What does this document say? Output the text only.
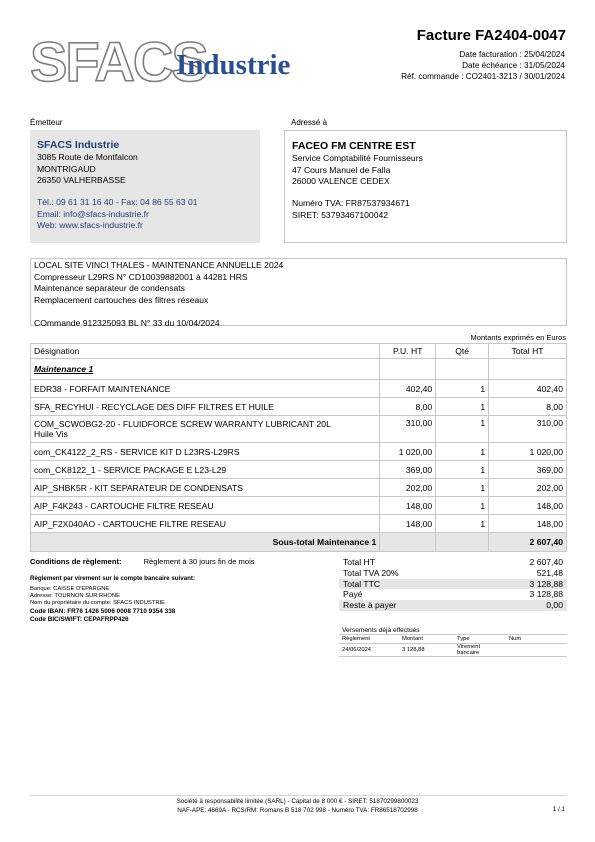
SFACS
Industrie
Facture FA2404-0047
Date facturation : 25/04/2024
Date échéance : 31/05/2024
Réf. commande : CO2401-3213 / 30/01/2024
Émetteur
SFACS Industrie
3085 Route de Montfalcon
MONTRIGAUD
26350 VALHERBASSE
Tél.: 09 61 31 16 40 - Fax: 04 86 55 63 01
Email: info@sfacs-industrie.fr
Web: www.sfacs-industrie.fr
Adressé à
FACEO FM CENTRE EST
Service Comptabilité Fournisseurs
47 Cours Manuel de Falla
26000 VALENCE CEDEX
Numéro TVA: FR87537934671
SIRET: 53793467100042
LOCAL SITE VINCI THALES - MAINTENANCE ANNUELLE 2024
Compresseur L29RS N° CD10039882001 à 44281 HRS
Maintenance separateur de condensats
Remplacement cartouches des filtres réseaux
COmmande 912325093 BL N° 33 du 10/04/2024
Montants exprimés en Euros
Désignation	P.U. HT	Qté	Total HT
Maintenance 1			
EDR38 - FORFAIT MAINTENANCE	402,40	1	402,40
SFA_RECYHUI - RECYCLAGE DES DIFF FILTRES ET HUILE	8,00	1	8,00

COM_SCWOBG2-20 - FLUIDFORCE SCREW WARRANTY LUBRICANT 20L
Huile Vis	310,00	1	310,00
com_CK4122_2_RS - SERVICE KIT D L23RS-L29RS	1 020,00	1	1 020,00
com_CK8122_1 - SERVICE PACKAGE E L23-L29	369,00	1	369,00
AIP_SHBK5R - KIT SEPARATEUR DE CONDENSATS	202,00	1	202,00
AIP_F4K243 - CARTOUCHE FILTRE RESEAU	148,00	1	148,00
AIP_F2X040AO - CARTOUCHE FILTRE RESEAU	148,00	1	148,00
Sous-total Maintenance 1			2 607,40
Conditions de règlement:	Règlement à 30 jours fin de mois
Règlement par virement sur le compte bancaire suivant:
Banque: CAISSE D'EPARGNE
Adresse: TOURNON SUR RHONE
Nom du propriétaire du compte: SFACS INDUSTRIE
Code IBAN: FR76 1426 5006 0008 7710 9354 338
Code BIC/SWIFT: CEPAFRPP426
Total HT	2 607,40
Total TVA 20%	521,48
Total TTC	3 128,88
Payé	3 128,88
Reste à payer	0,00
Versements déjà effectués
Règlement	Montant	Type	Num
24/06/2024	3 128,88	Virement bancaire	
Société à responsabilité limitée (SARL) - Capital de 8 000 € - SIRET: 51870299800023
NAF-APE: 4669A - RCS/RM: Romans B 518 702 998 - Numéro TVA: FR86518702998	1 / 1
